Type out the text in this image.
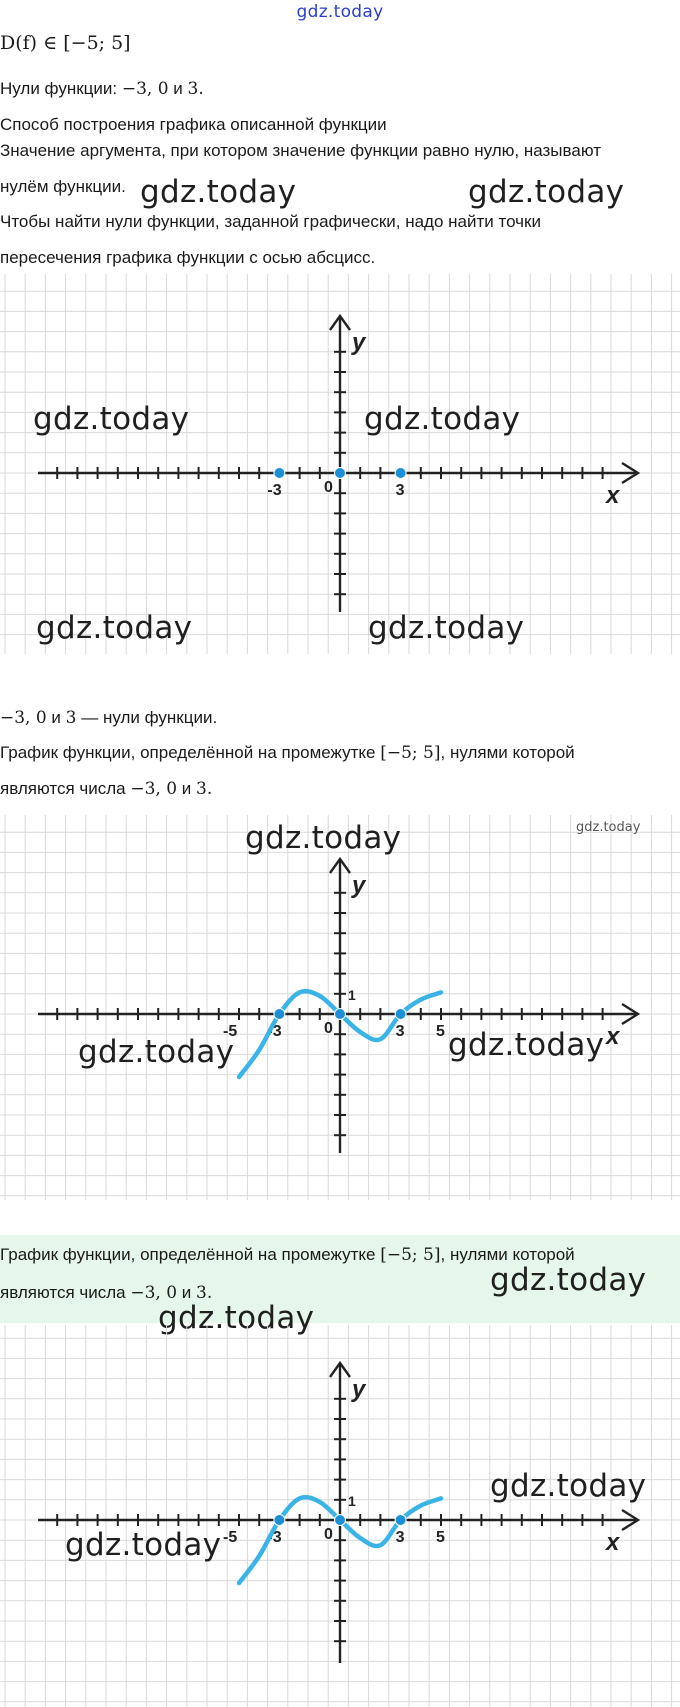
gdz.today
D(f) ∈ [−5; 5]
Нули функции: −3, 0 и 3.
Способ построения графика описанной функции
Значение аргумента, при котором значение функции равно нулю, называют
нулём функции.
Чтобы найти нули функции, заданной графически, надо найти точки
пересечения графика функции с осью абсцисс.
gdz.today	gdz.today
y
x
0
-3	3
gdz.today	gdz.today
gdz.today	gdz.today
−3, 0 и 3 — нули функции.
График функции, определённой на промежутке [−5; 5], нулями которой
являются числа −3, 0 и 3.
y
x
0
-3	3
-5	5
1
gdz.today	gdz.today
gdz.today	gdz.today
График функции, определённой на промежутке [−5; 5], нулями которой
являются числа −3, 0 и 3.	gdz.today
gdz.today
y
x
0
-3	3
-5	5
1	gdz.today
gdz.today
